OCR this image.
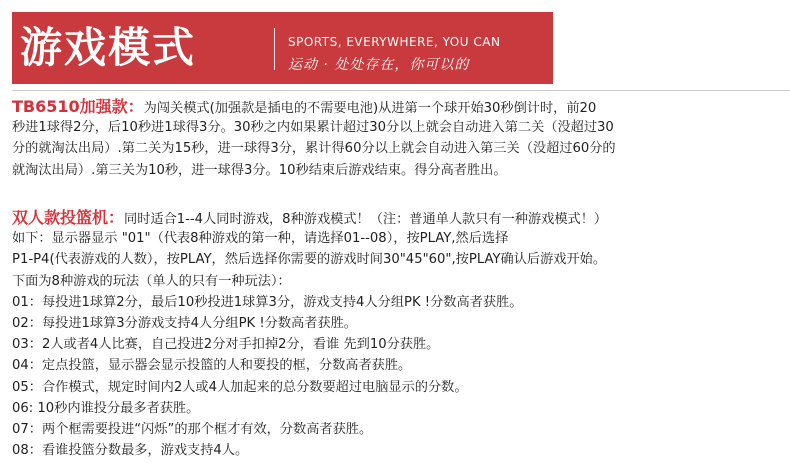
游戏模式	SPORTS, EVERYWHERE, YOU CAN
运动 · 处处存在，你可以的
TB6510加强款：为闯关模式(加强款是插电的不需要电池)从进第一个球开始30秒倒计时，前20
秒进1球得2分，后10秒进1球得3分。30秒之内如果累计超过30分以上就会自动进入第二关（没超过30
分的就淘汰出局）.第二关为15秒，进一球得3分，累计得60分以上就会自动进入第三关（没超过60分的
就淘汰出局）.第三关为10秒，进一球得3分。10秒结束后游戏结束。得分高者胜出。
双人款投篮机：同时适合1--4人同时游戏，8种游戏模式！（注：普通单人款只有一种游戏模式！）
如下：显示器显示 "01"（代表8种游戏的第一种，请选择01--08），按PLAY,然后选择
P1-P4(代表游戏的人数），按PLAY，然后选择你需要的游戏时间30"45"60",按PLAY确认后游戏开始。
下面为8种游戏的玩法（单人的只有一种玩法）：
01：每投进1球算2分，最后10秒投进1球算3分，游戏支持4人分组PK !分数高者获胜。
02：每投进1球算3分游戏支持4人分组PK !分数高者获胜。
03：2人或者4人比赛，自己投进2分对手扣掉2分，看谁 先到10分获胜。
04：定点投篮，显示器会显示投篮的人和要投的框，分数高者获胜。
05：合作模式，规定时间内2人或4人加起来的总分数要超过电脑显示的分数。
06: 10秒内谁投分最多者获胜。
07：两个框需要投进“闪烁”的那个框才有效，分数高者获胜。
08：看谁投篮分数最多，游戏支持4人。
